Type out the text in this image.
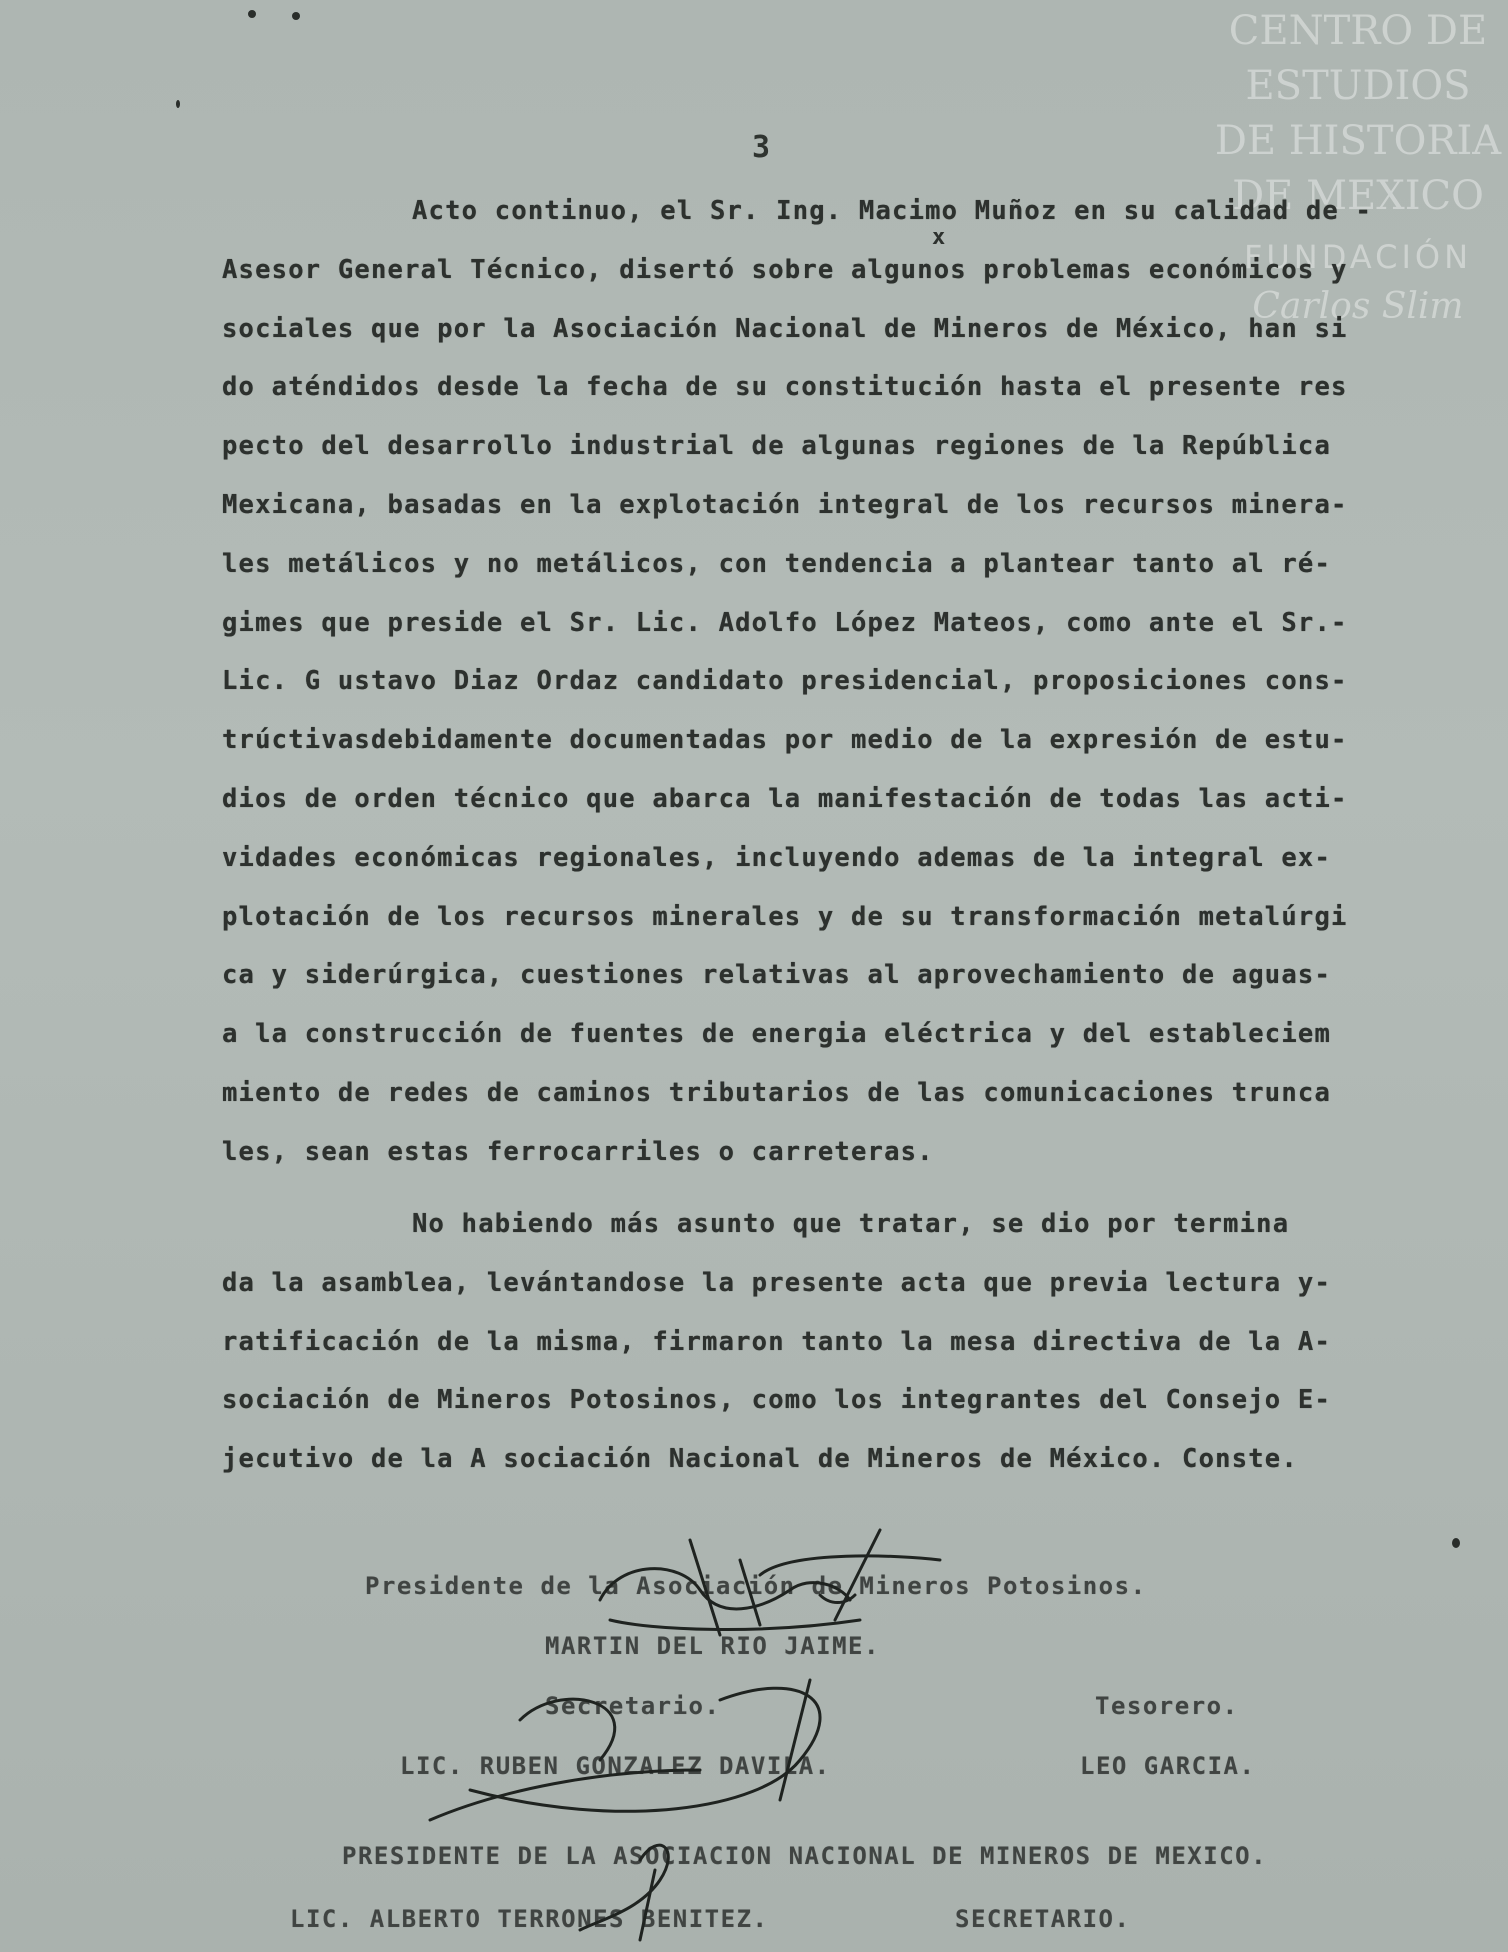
CENTRO DE
ESTUDIOS
DE HISTORIA
DE MEXICO
FUNDACIÓN
Carlos Slim
3
x
Acto continuo, el Sr. Ing. Macimo Muñoz en su calidad de -
Asesor General Técnico, disertó sobre algunos problemas económicos y
sociales que por la Asociación Nacional de Mineros de México, han si
do aténdidos desde la fecha de su constitución hasta el presente res
pecto del desarrollo industrial de algunas regiones de la República
Mexicana, basadas en la explotación integral de los recursos minera-
les metálicos y no metálicos, con tendencia a plantear tanto al ré-
gimes que preside el Sr. Lic. Adolfo López Mateos, como ante el Sr.-
Lic. G ustavo Diaz Ordaz candidato presidencial, proposiciones cons-
trúctivasdebidamente documentadas por medio de la expresión de estu-
dios de orden técnico que abarca la manifestación de todas las acti-
vidades económicas regionales, incluyendo ademas de la integral ex-
plotación de los recursos minerales y de su transformación metalúrgi
ca y siderúrgica, cuestiones relativas al aprovechamiento de aguas-
a la construcción de fuentes de energia eléctrica y del estableciem
miento de redes de caminos tributarios de las comunicaciones trunca
les, sean estas ferrocarriles o carreteras.
No habiendo más asunto que tratar, se dio por termina
da la asamblea, levántandose la presente acta que previa lectura y-
ratificación de la misma, firmaron tanto la mesa directiva de la A-
sociación de Mineros Potosinos, como los integrantes del Consejo E-
jecutivo de la A sociación Nacional de Mineros de México. Conste.
Presidente de la Asociación de Mineros Potosinos.
MARTIN DEL RIO JAIME.
Secretario.	Tesorero.
LIC. RUBEN GONZALEZ DAVILA.	LEO GARCIA.
PRESIDENTE DE LA ASOCIACION NACIONAL DE MINEROS DE MEXICO.
LIC. ALBERTO TERRONES BENITEZ.	SECRETARIO.
